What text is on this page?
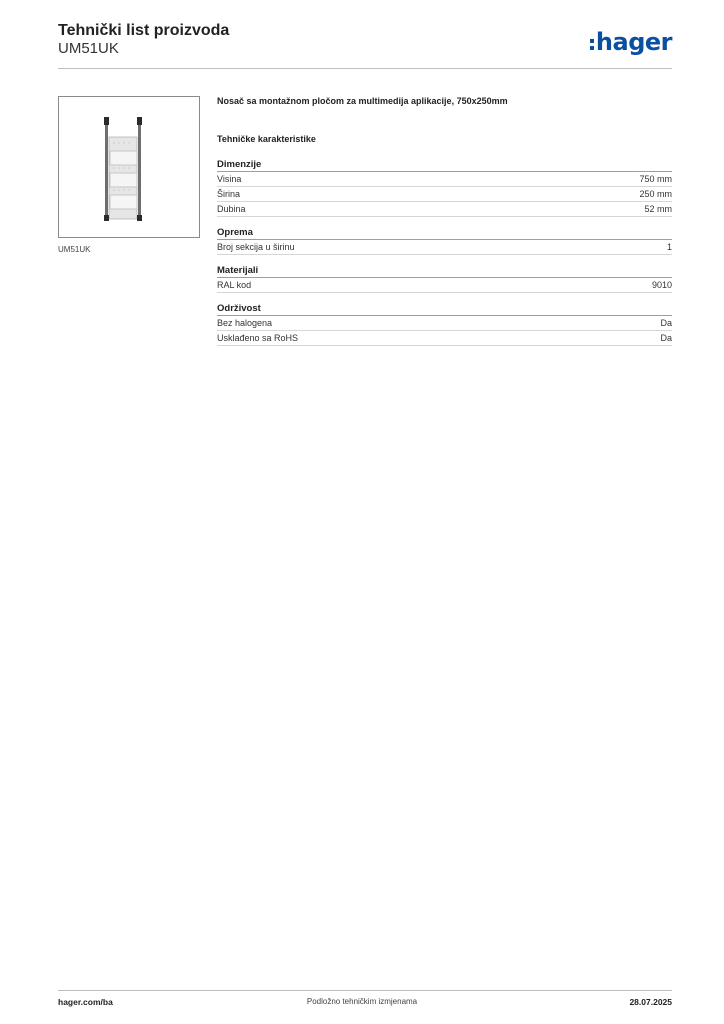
Tehnički list proizvoda
UM51UK	hager
UM51UK
Nosač sa montažnom pločom za multimedija aplikacije, 750x250mm
Tehničke karakteristike
Dimenzije
Visina	750 mm
Širina	250 mm
Dubina	52 mm
Oprema
Broj sekcija u širinu	1
Materijali
RAL kod	9010
Održivost
Bez halogena	Da
Usklađeno sa RoHS	Da
hager.com/ba	Podložno tehničkim izmjenama	28.07.2025
